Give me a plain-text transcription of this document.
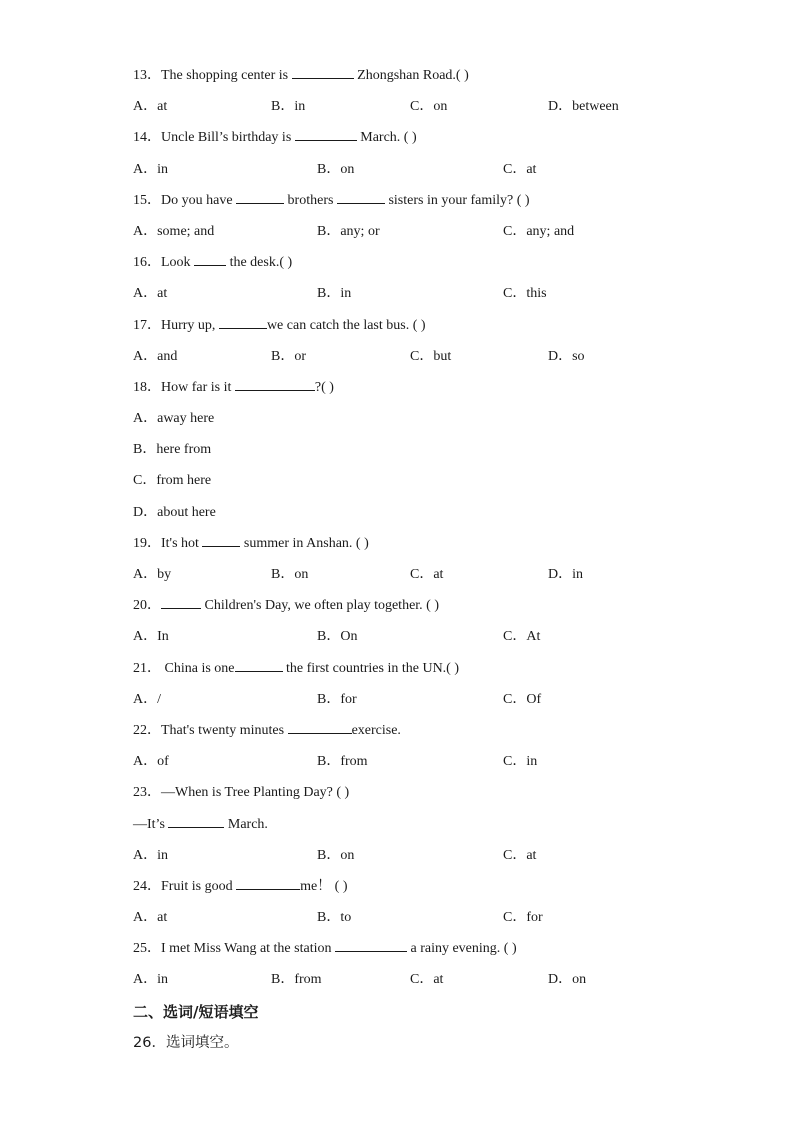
13．The shopping center is	Zhongshan Road.( )
A．at	B．in	C．on	D．between
14．Uncle Bill’s birthday is	March. ( )
A．in	B．on	C．at
15．Do you have	brothers	sisters in your family? ( )
A．some; and	B．any; or	C．any; and
16．Look  the desk.( )
A．at	B．in	C．this
17．Hurry up,	we can catch the last bus. ( )
A．and	B．or	C．but	D．so
18．How far is it	?( )
A．away here
B．here from
C．from here
D．about here
19．It's hot	summer in Anshan. ( )
A．by	B．on	C．at	D．in
20．	Children's Day, we often play together. ( )
A．In	B．On	C．At
21． China is one	the first countries in the UN.( )
A．/	B．for	C．Of
22．That's twenty minutes	exercise.
A．of	B．from	C．in
23．—When is Tree Planting Day? ( )
—It’s	March.
A．in	B．on	C．at
24．Fruit is good	me！ ( )
A．at	B．to	C．for
25．I met Miss Wang at the station	a rainy evening. ( )
A．in	B．from	C．at	D．on
二、选词/短语填空
26．选词填空。
